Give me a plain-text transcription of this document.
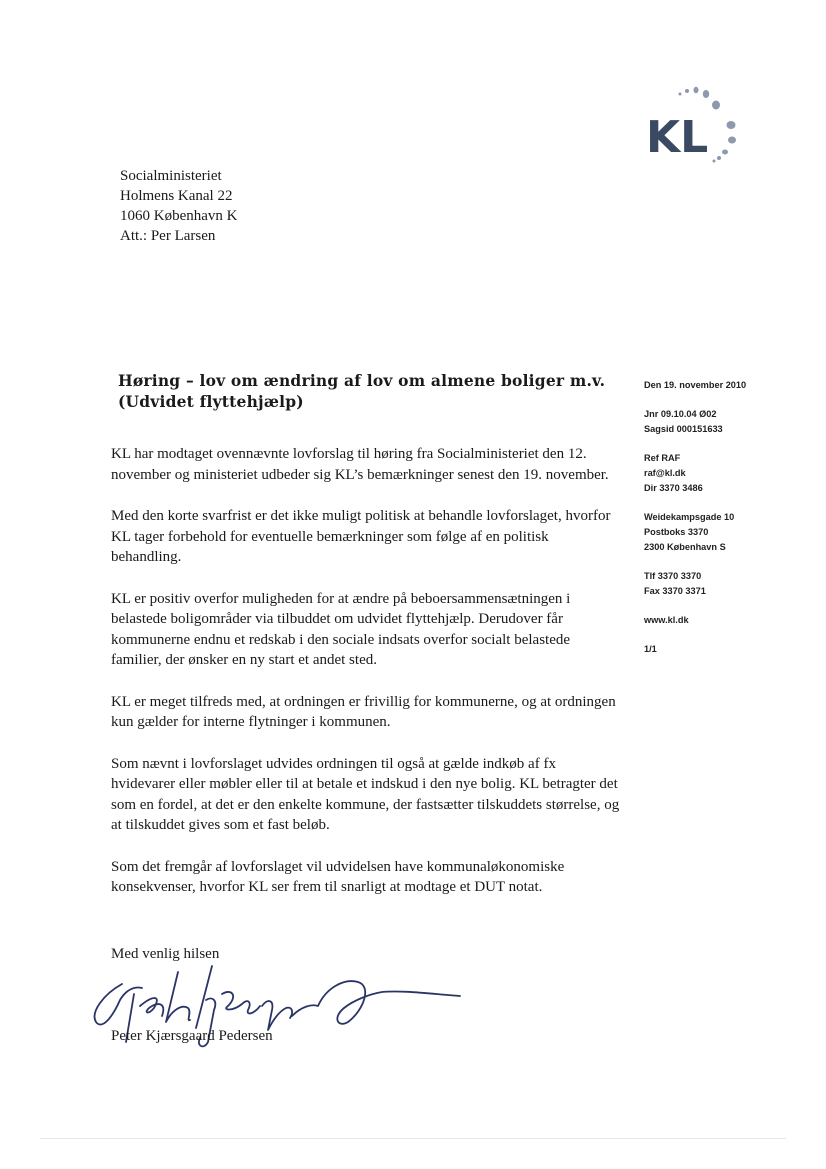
KL
Socialministeriet
Holmens Kanal 22
1060 København K
Att.: Per Larsen
Høring – lov om ændring af lov om almene boliger m.v.
(Udvidet flyttehjælp)

KL har modtaget ovennævnte lovforslag til høring fra Socialministeriet den 12. november og ministeriet udbeder sig KL’s bemærkninger senest den 19. november.

Med den korte svarfrist er det ikke muligt politisk at behandle lovforslaget, hvorfor KL tager forbehold for eventuelle bemærkninger som følge af en politisk behandling.

KL er positiv overfor muligheden for at ændre på beboersammensætningen i belastede boligområder via tilbuddet om udvidet flyttehjælp. Derudover får kommunerne endnu et redskab i den sociale indsats overfor socialt belastede familier, der ønsker en ny start et andet sted.

KL er meget tilfreds med, at ordningen er frivillig for kommunerne, og at ordningen kun gælder for interne flytninger i kommunen.

Som nævnt i lovforslaget udvides ordningen til også at gælde indkøb af fx hvidevarer eller møbler eller til at betale et indskud i den nye bolig. KL betragter det som en fordel, at det er den enkelte kommune, der fastsætter tilskuddets størrelse, og at tilskuddet gives som et fast beløb.

Som det fremgår af lovforslaget vil udvidelsen have kommunaløkonomiske konsekvenser, hvorfor KL ser frem til snarligt at modtage et DUT notat.

Den 19. november 2010
Jnr 09.10.04 Ø02
Sagsid 000151633
Ref RAF
raf@kl.dk
Dir 3370 3486
Weidekampsgade 10
Postboks 3370
2300 København S
Tlf 3370 3370
Fax 3370 3371
www.kl.dk
1/1
Med venlig hilsen
Peter Kjærsgaard Pedersen
